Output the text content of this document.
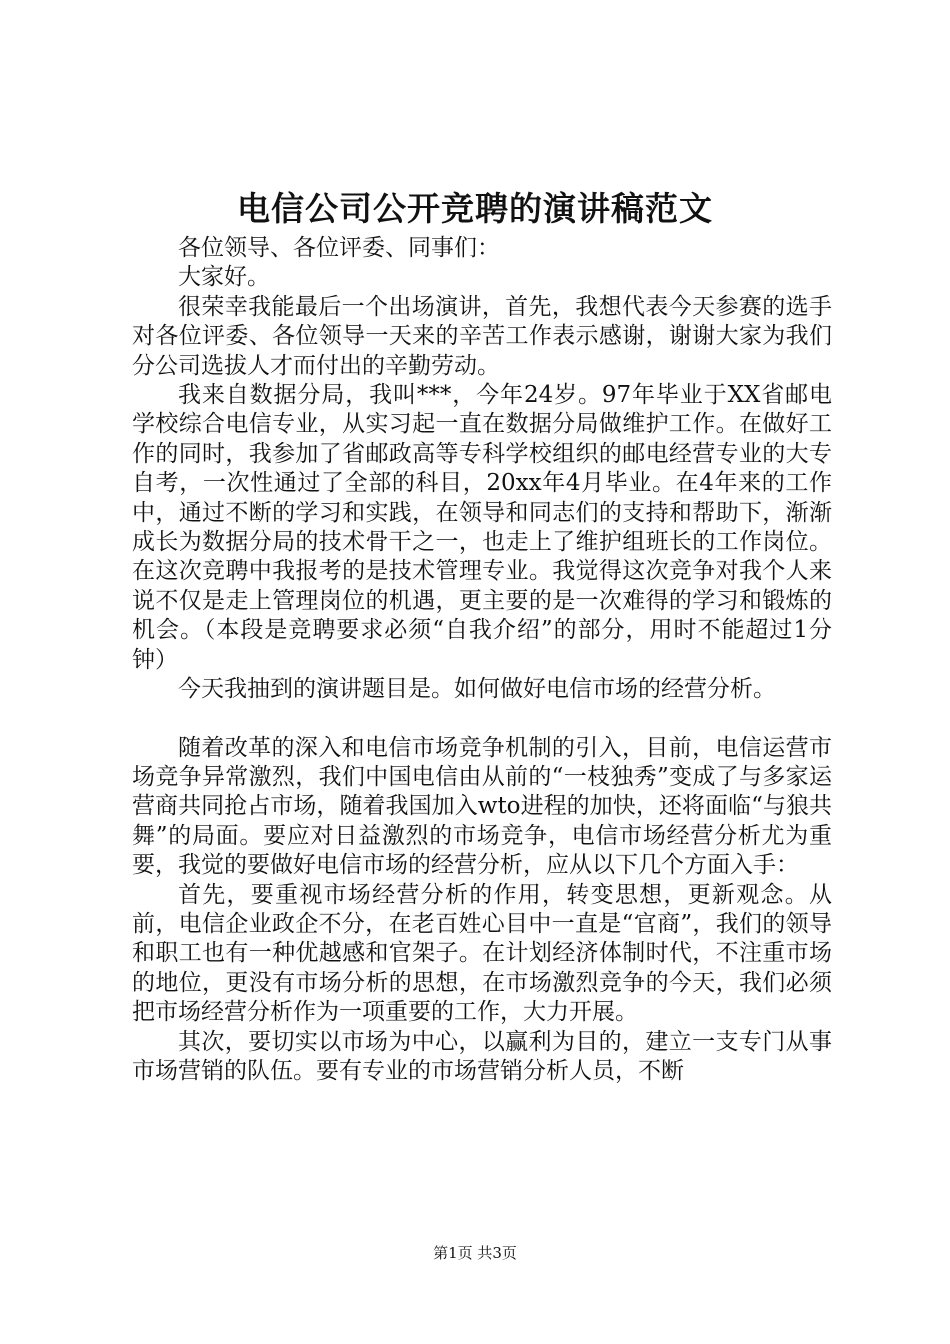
电信公司公开竞聘的演讲稿范文

各位领导、各位评委、同事们：

大家好。

很荣幸我能最后一个出场演讲，首先，我想代表今天参赛的选手对各位评委、各位领导一天来的辛苦工作表示感谢，谢谢大家为我们分公司选拔人才而付出的辛勤劳动。

我来自数据分局，我叫***，今年24岁。97年毕业于XX省邮电学校综合电信专业，从实习起一直在数据分局做维护工作。在做好工作的同时，我参加了省邮政高等专科学校组织的邮电经营专业的大专自考，一次性通过了全部的科目，20xx年4月毕业。在4年来的工作中，通过不断的学习和实践，在领导和同志们的支持和帮助下，渐渐成长为数据分局的技术骨干之一，也走上了维护组班长的工作岗位。在这次竞聘中我报考的是技术管理专业。我觉得这次竞争对我个人来说不仅是走上管理岗位的机遇，更主要的是一次难得的学习和锻炼的机会。（本段是竞聘要求必须“自我介绍”的部分，用时不能超过1分钟）

今天我抽到的演讲题目是。如何做好电信市场的经营分析。

随着改革的深入和电信市场竞争机制的引入，目前，电信运营市场竞争异常激烈，我们中国电信由从前的“一枝独秀”变成了与多家运营商共同抢占市场，随着我国加入wto进程的加快，还将面临“与狼共舞”的局面。要应对日益激烈的市场竞争，电信市场经营分析尤为重要，我觉的要做好电信市场的经营分析，应从以下几个方面入手：

首先，要重视市场经营分析的作用，转变思想，更新观念。从前，电信企业政企不分，在老百姓心目中一直是“官商”，我们的领导和职工也有一种优越感和官架子。在计划经济体制时代，不注重市场的地位，更没有市场分析的思想，在市场激烈竞争的今天，我们必须把市场经营分析作为一项重要的工作，大力开展。

其次，要切实以市场为中心，以赢利为目的，建立一支专门从事市场营销的队伍。要有专业的市场营销分析人员，不断

第1页 共3页
